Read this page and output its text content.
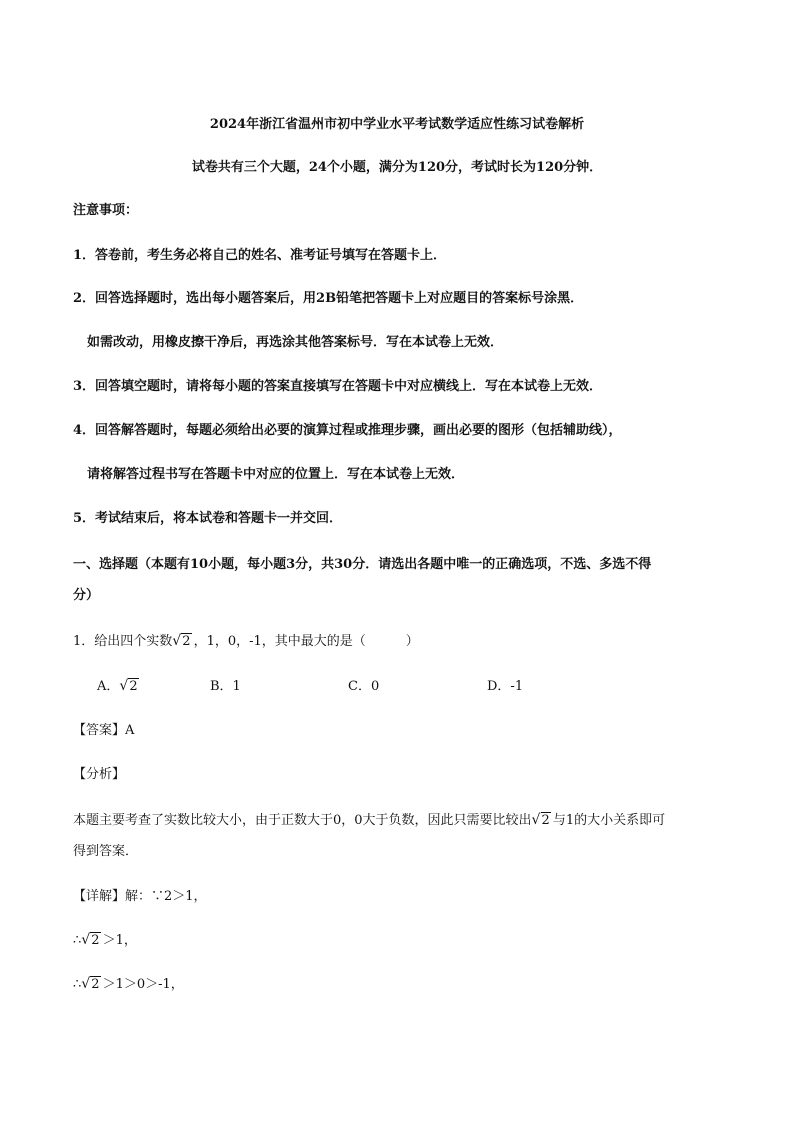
2024年浙江省温州市初中学业水平考试数学适应性练习试卷解析
试卷共有三个大题，24个小题，满分为120分，考试时长为120分钟．
注意事项：
1．答卷前，考生务必将自己的姓名、准考证号填写在答题卡上．
2．回答选择题时，选出每小题答案后，用2B铅笔把答题卡上对应题目的答案标号涂黑．
如需改动，用橡皮擦干净后，再选涂其他答案标号．写在本试卷上无效．
3．回答填空题时，请将每小题的答案直接填写在答题卡中对应横线上．写在本试卷上无效．
4．回答解答题时，每题必须给出必要的演算过程或推理步骤，画出必要的图形（包括辅助线），
请将解答过程书写在答题卡中对应的位置上．写在本试卷上无效．
5．考试结束后，将本试卷和答题卡一并交回．
一、选择题（本题有10小题，每小题3分，共30分．请选出各题中唯一的正确选项，不选、多选不得
分）
1．给出四个实数 √ 2 ，1，0，-1，其中最大的是（	）
A． √ 2	B．1	C．0	D．-1
【答案】A
【分析】
本题主要考查了实数比较大小，由于正数大于0，0大于负数，因此只需要比较出 √ 2 与1的大小关系即可
得到答案．
【详解】解：∵2＞1，
∴ √ 2 ＞1，
∴ √ 2 ＞1＞0＞-1，
